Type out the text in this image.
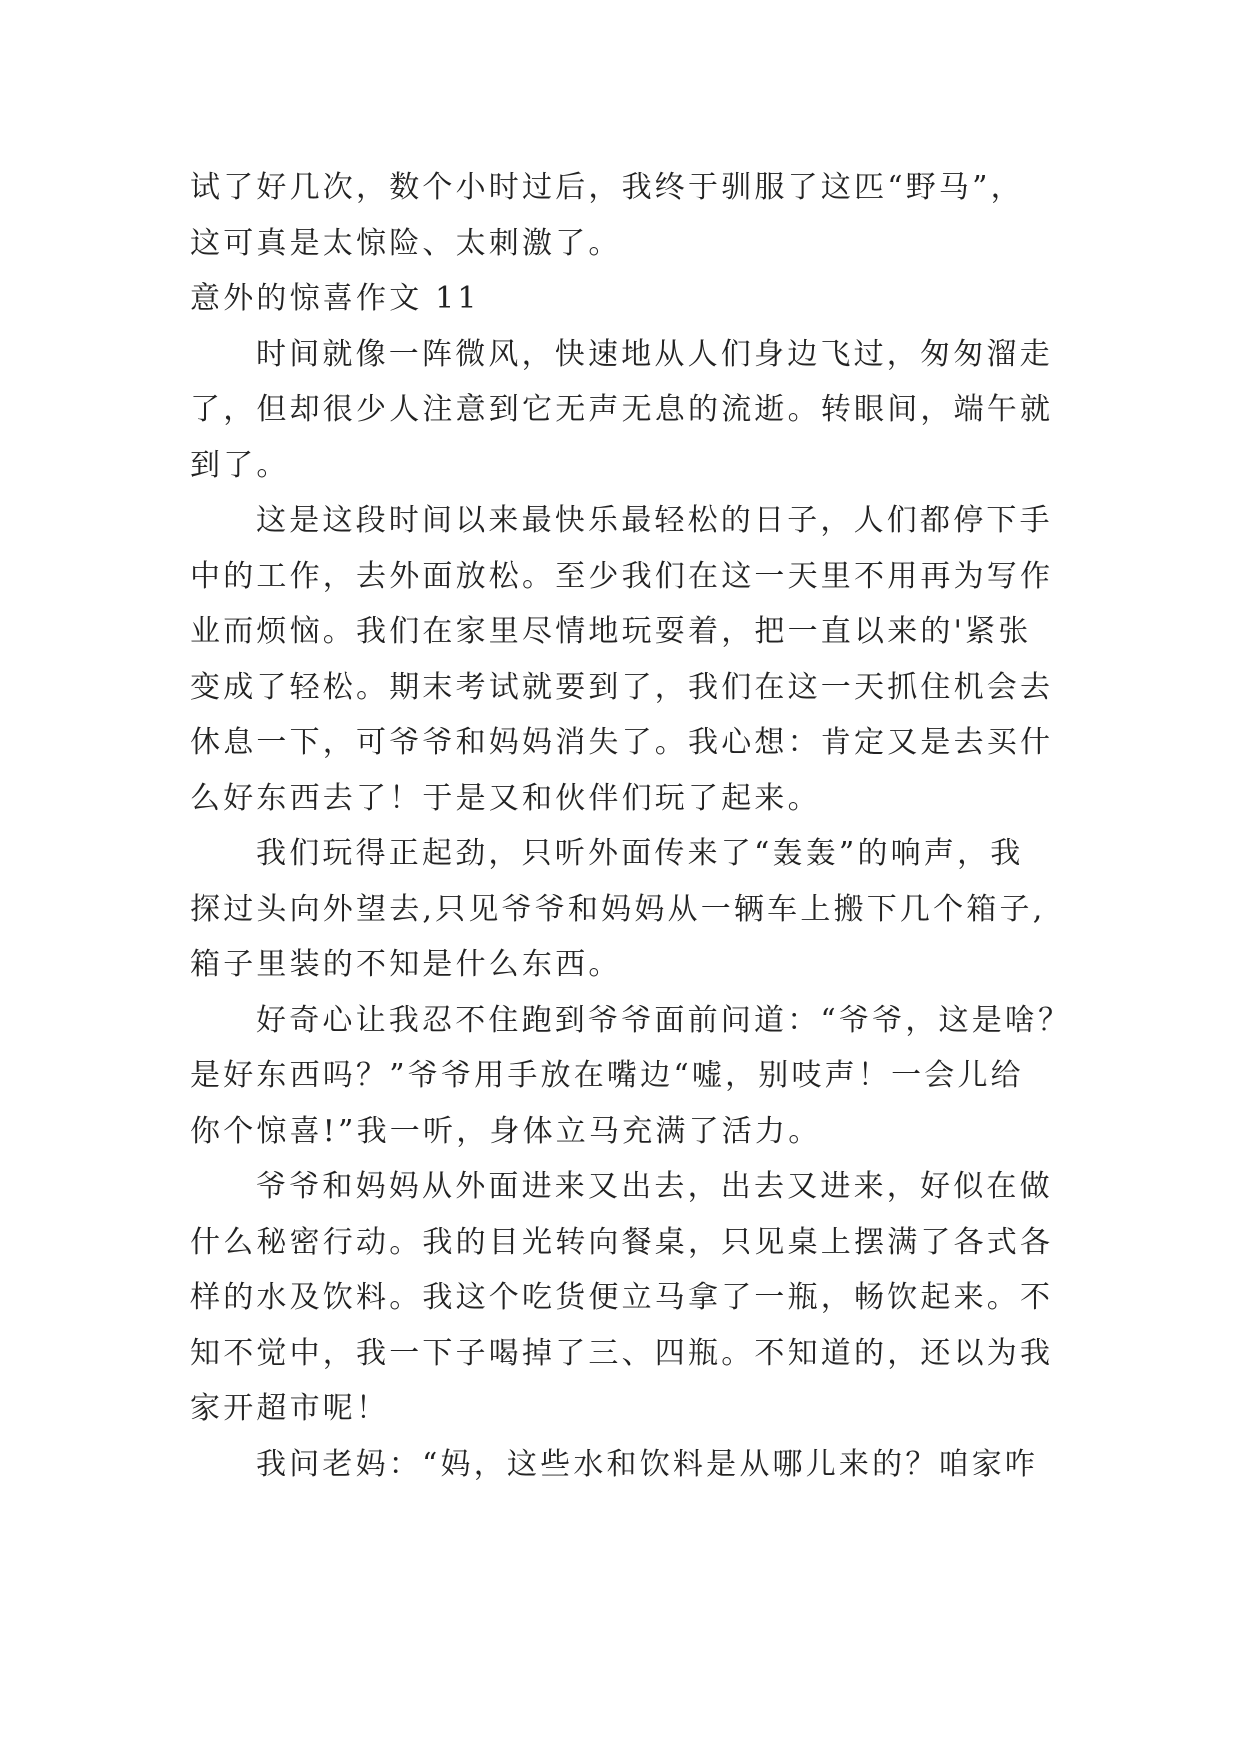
试了好几次，数个小时过后，我终于驯服了这匹“野马”，
这可真是太惊险、太刺激了。
意外的惊喜作文 11
时间就像一阵微风，快速地从人们身边飞过，匆匆溜走
了，但却很少人注意到它无声无息的流逝。转眼间，端午就
到了。
这是这段时间以来最快乐最轻松的日子，人们都停下手
中的工作，去外面放松。至少我们在这一天里不用再为写作
业而烦恼。我们在家里尽情地玩耍着，把一直以来的'紧张
变成了轻松。期末考试就要到了，我们在这一天抓住机会去
休息一下，可爷爷和妈妈消失了。我心想：肯定又是去买什
么好东西去了！于是又和伙伴们玩了起来。
我们玩得正起劲，只听外面传来了“轰轰”的响声，我
探过头向外望去,只见爷爷和妈妈从一辆车上搬下几个箱子,
箱子里装的不知是什么东西。
好奇心让我忍不住跑到爷爷面前问道：“爷爷，这是啥？
是好东西吗？”爷爷用手放在嘴边“嘘，别吱声！一会儿给
你个惊喜!”我一听，身体立马充满了活力。
爷爷和妈妈从外面进来又出去，出去又进来，好似在做
什么秘密行动。我的目光转向餐桌，只见桌上摆满了各式各
样的水及饮料。我这个吃货便立马拿了一瓶，畅饮起来。不
知不觉中，我一下子喝掉了三、四瓶。不知道的，还以为我
家开超市呢！
我问老妈：“妈，这些水和饮料是从哪儿来的？咱家咋
